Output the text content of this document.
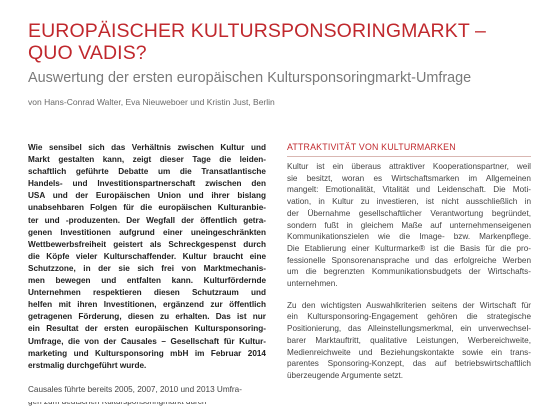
EUROPÄISCHER KULTURSPONSORINGMARKT –
QUO VADIS?
Auswertung der ersten europäischen Kultursponsoringmarkt-Umfrage

von Hans-Conrad Walter, Eva Nieuweboer und Kristin Just, Berlin

Wie sensibel sich das Verhältnis zwischen Kultur und
Markt gestalten kann, zeigt dieser Tage die leiden-
schaftlich geführte Debatte um die Transatlantische
Handels- und Investitionspartnerschaft zwischen den
USA und der Europäischen Union und ihrer bislang
unabsehbaren Folgen für die europäischen Kulturanbie-
ter und -produzenten. Der Wegfall der öffentlich getra-
genen Investitionen aufgrund einer uneingeschränkten
Wettbewerbsfreiheit geistert als Schreckgespenst durch
die Köpfe vieler Kulturschaffender. Kultur braucht eine
Schutzzone, in der sie sich frei von Marktmechanis-
men bewegen und entfalten kann. Kulturfördernde
Unternehmen respektieren diesen Schutzraum und
helfen mit ihren Investitionen, ergänzend zur öffentlich
getragenen Förderung, diesen zu erhalten. Das ist nur
ein Resultat der ersten europäischen Kultursponsoring-
Umfrage, die von der Causales – Gesellschaft für Kultur-
marketing und Kultursponsoring mbH im Februar 2014
erstmalig durchgeführt wurde.

Causales führte bereits 2005, 2007, 2010 und 2013 Umfra-

ATTRAKTIVITÄT VON KULTURMARKEN

Kultur ist ein überaus attraktiver Kooperationspartner, weil
sie besitzt, woran es Wirtschaftsmarken im Allgemeinen
mangelt: Emotionalität, Vitalität und Leidenschaft. Die Moti-
vation, in Kultur zu investieren, ist nicht ausschließlich in
der Übernahme gesellschaftlicher Verantwortung begründet,
sondern fußt in gleichem Maße auf unternehmenseigenen
Kommunikationszielen wie die Image- bzw. Markenpflege.
Die Etablierung einer Kulturmarke® ist die Basis für die pro-
fessionelle Sponsorenansprache und das erfolgreiche Werben
um die begrenzten Kommunikationsbudgets der Wirtschafts-
unternehmen.

Zu den wichtigsten Auswahlkriterien seitens der Wirtschaft für
ein Kultursponsoring-Engagement gehören die strategische
Positionierung, das Alleinstellungsmerkmal, ein unverwechsel-
barer Marktauftritt, qualitative Leistungen, Werbereichweite,
Medienreichweite und Beziehungskontakte sowie ein trans-
parentes Sponsoring-Konzept, das auf betriebswirtschaftlich
überzeugende Argumente setzt.
